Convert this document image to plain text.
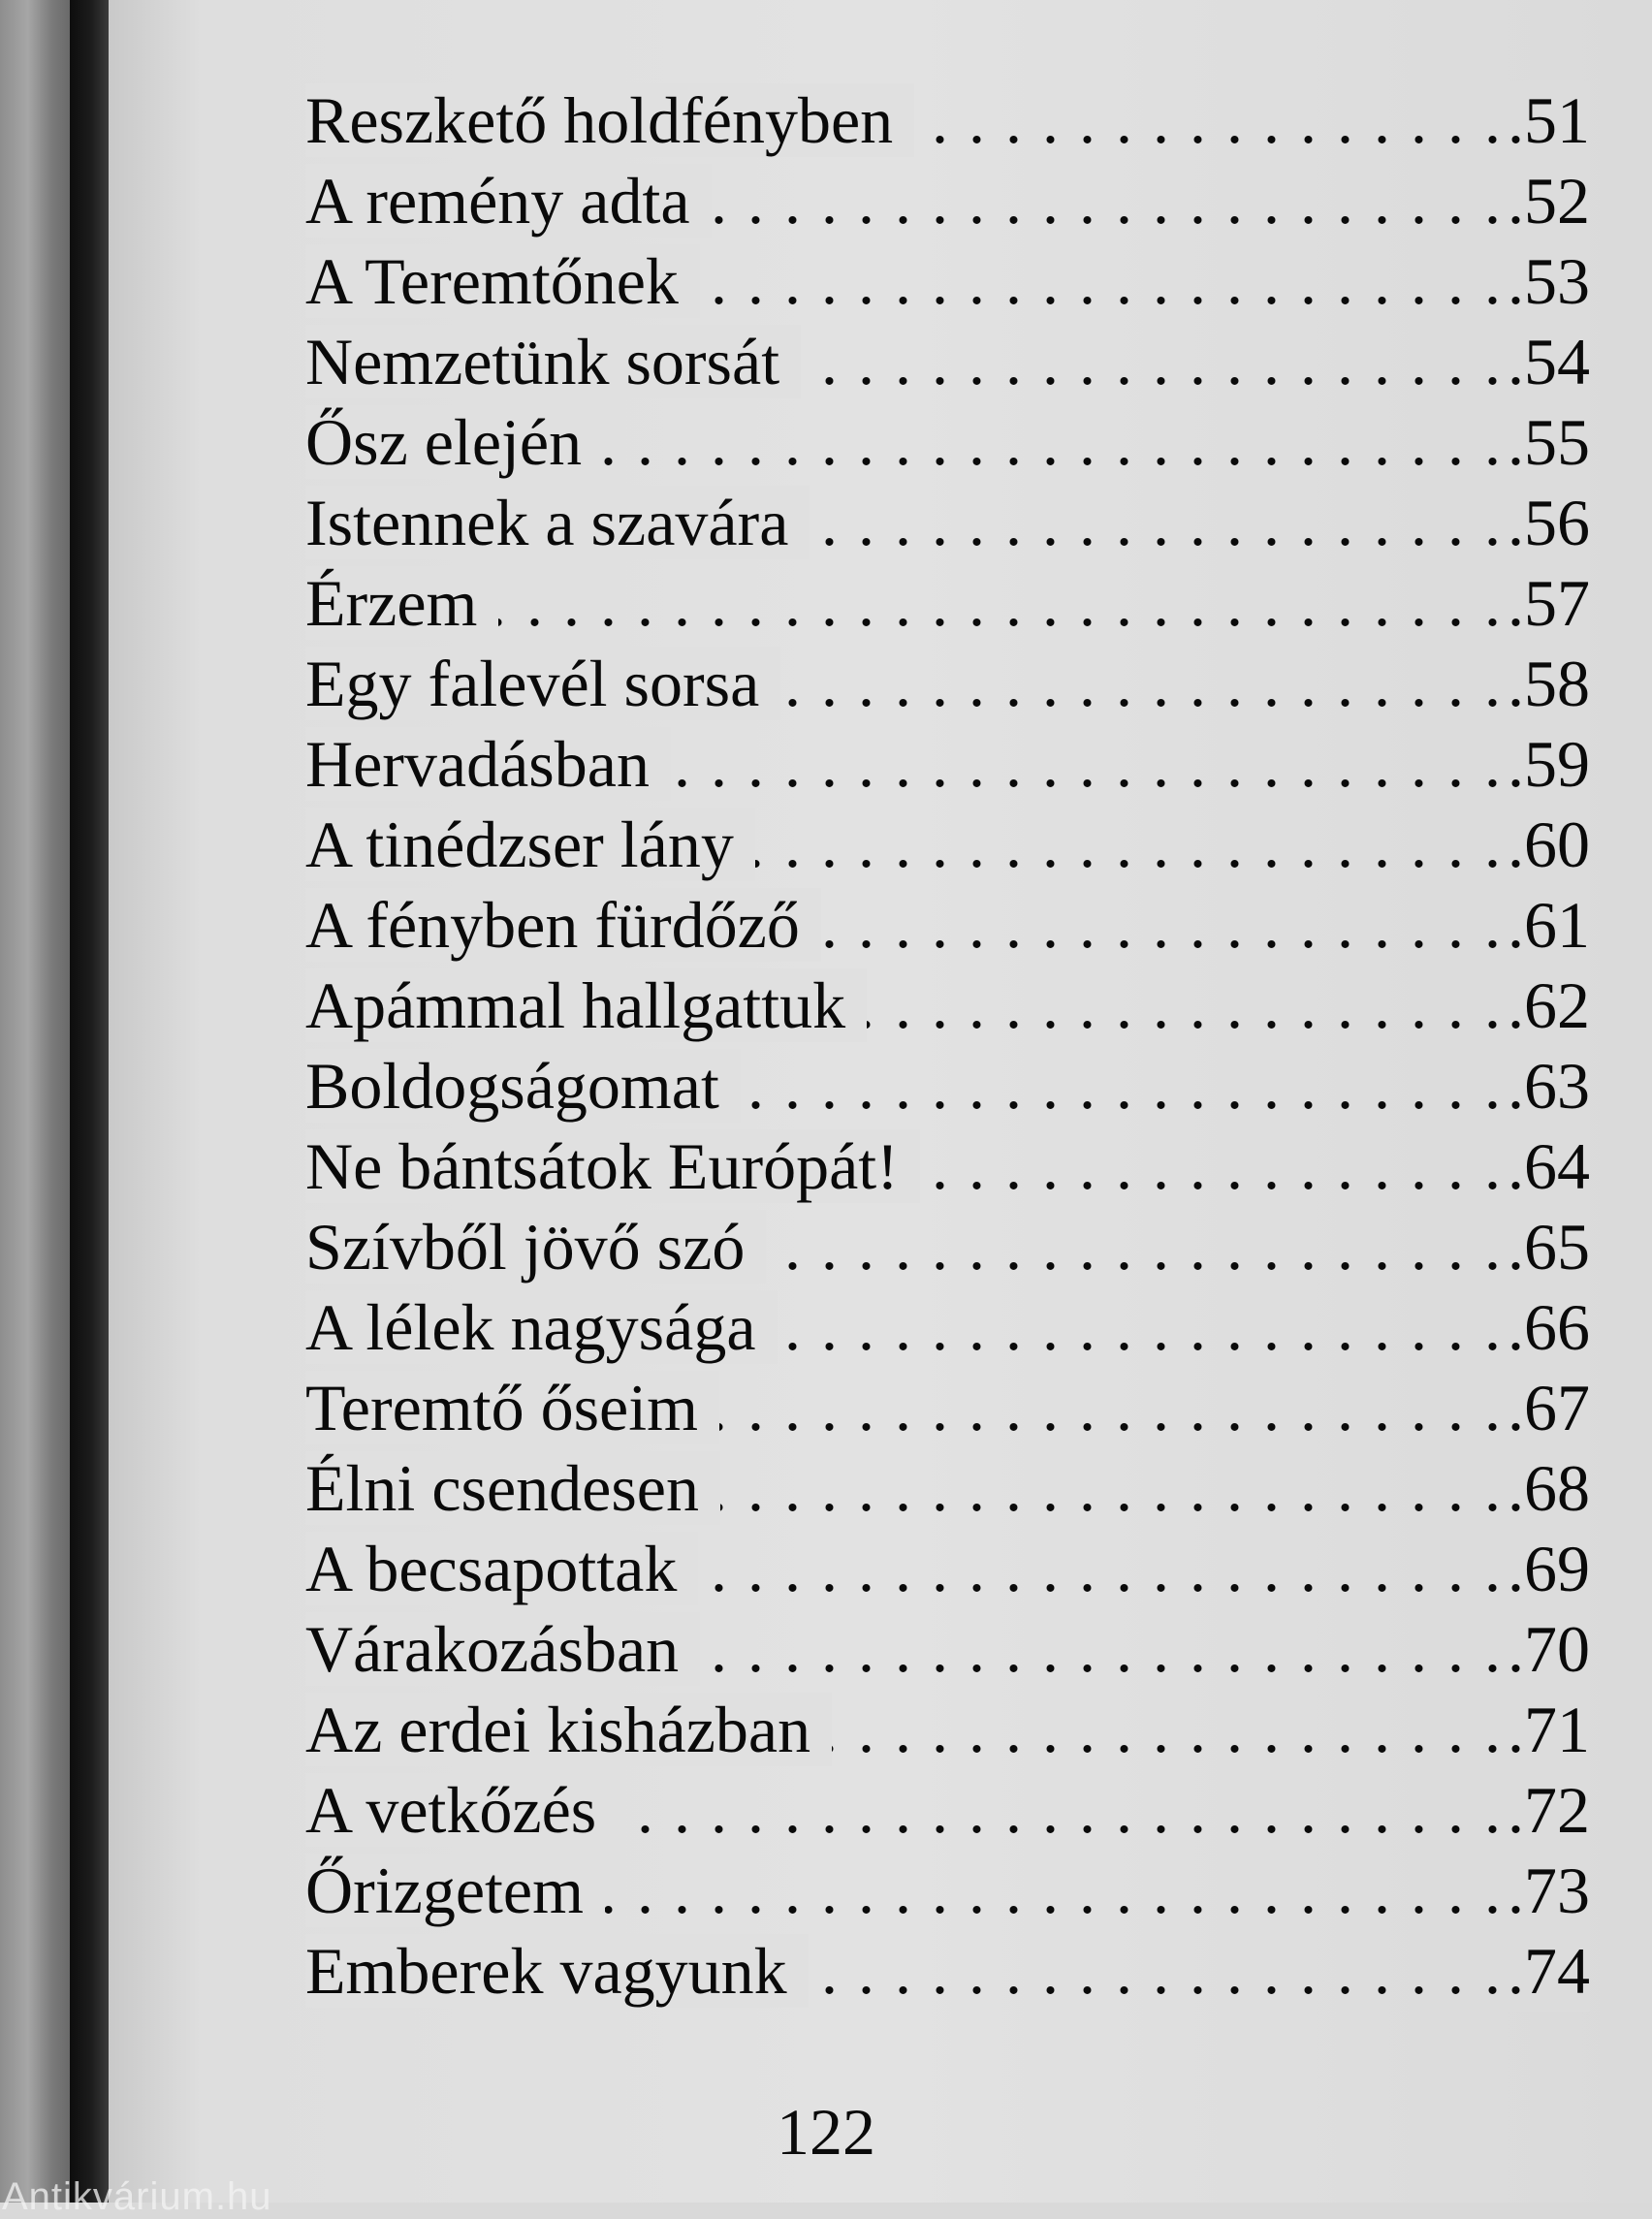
Reszkető holdfényben	.51
. . .
A remény adta	.52
. . .
A Teremtőnek	.53
. . .
Nemzetünk sorsát	.54
. . .
Ősz elején	.55
. . .
Istennek a szavára	.56
. . .
Érzem	.57
. . .
Egy falevél sorsa	.58
. . .
Hervadásban	.59
. . .
A tinédzser lány	.60
. . .
A fényben fürdőző	.61
. . .
Apámmal hallgattuk	.62
. . .
Boldogságomat	.63
. . .
Ne bántsátok Európát!	.64
. . .
Szívből jövő szó	.65
. . .
A lélek nagysága	.66
. . .
Teremtő őseim	.67
. . .
Élni csendesen	.68
. . .
A becsapottak	.69
. . .
Várakozásban	.70
. . .
Az erdei kisházban	.71
. . .
A vetkőzés	.72
. . .
Őrizgetem	.73
. . .
Emberek vagyunk	.74
. . .
122
Antikvárium.hu
